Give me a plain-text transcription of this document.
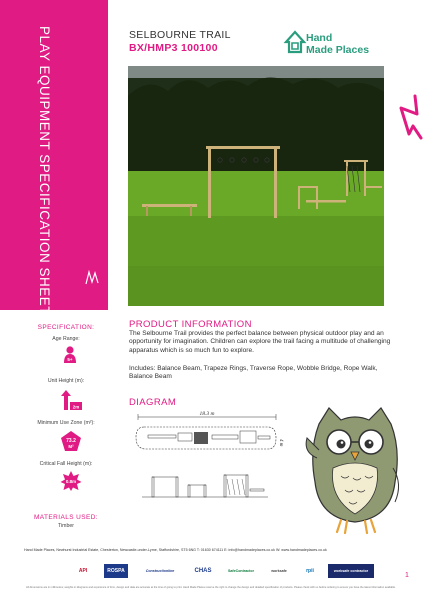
PLAY EQUIPMENT SPECIFICATION SHEET	SELBOURNE TRAIL
BX/HMP3 100100
Hand
Made Places
SPECIFICATION:
Age Range:
5+
Unit Height (m):
2m
Minimum Use Zone (m²):
73.2
M²
Critical Fall Height (m):
0.8m
MATERIALS USED:
Timber
PRODUCT INFORMATION
The Selbourne Trail provides the perfect balance between physical outdoor play and an opportunity for imagination. Children can explore the trail facing a multitude of challenging apparatus which is so much fun to explore.
Includes: Balance Beam, Trapeze Rings, Traverse Rope, Wobble Bridge, Rope Walk, Balance Beam
DIAGRAM
18.3 m
4 m
Hand Made Places, Newhurst Industrial Estate, Chesterton, Newcastle-under-Lyme, Staffordshire, ST5 6NG T: 01630 674111 E: info@handmadeplaces.co.uk W: www.handmadeplaces.co.uk
API	ROSPA	Constructionline	CHAS	SafeContractor	worksafe	rpii	worksafe contractor
1
All dimensions are in millimetres; weights in kilograms and experience of form, design and data are accurate at the time of going to print. Hand Made Places reserve the right to change the design and detailed specification of products. Please check with us before ordering to ensure you have the latest information available.
